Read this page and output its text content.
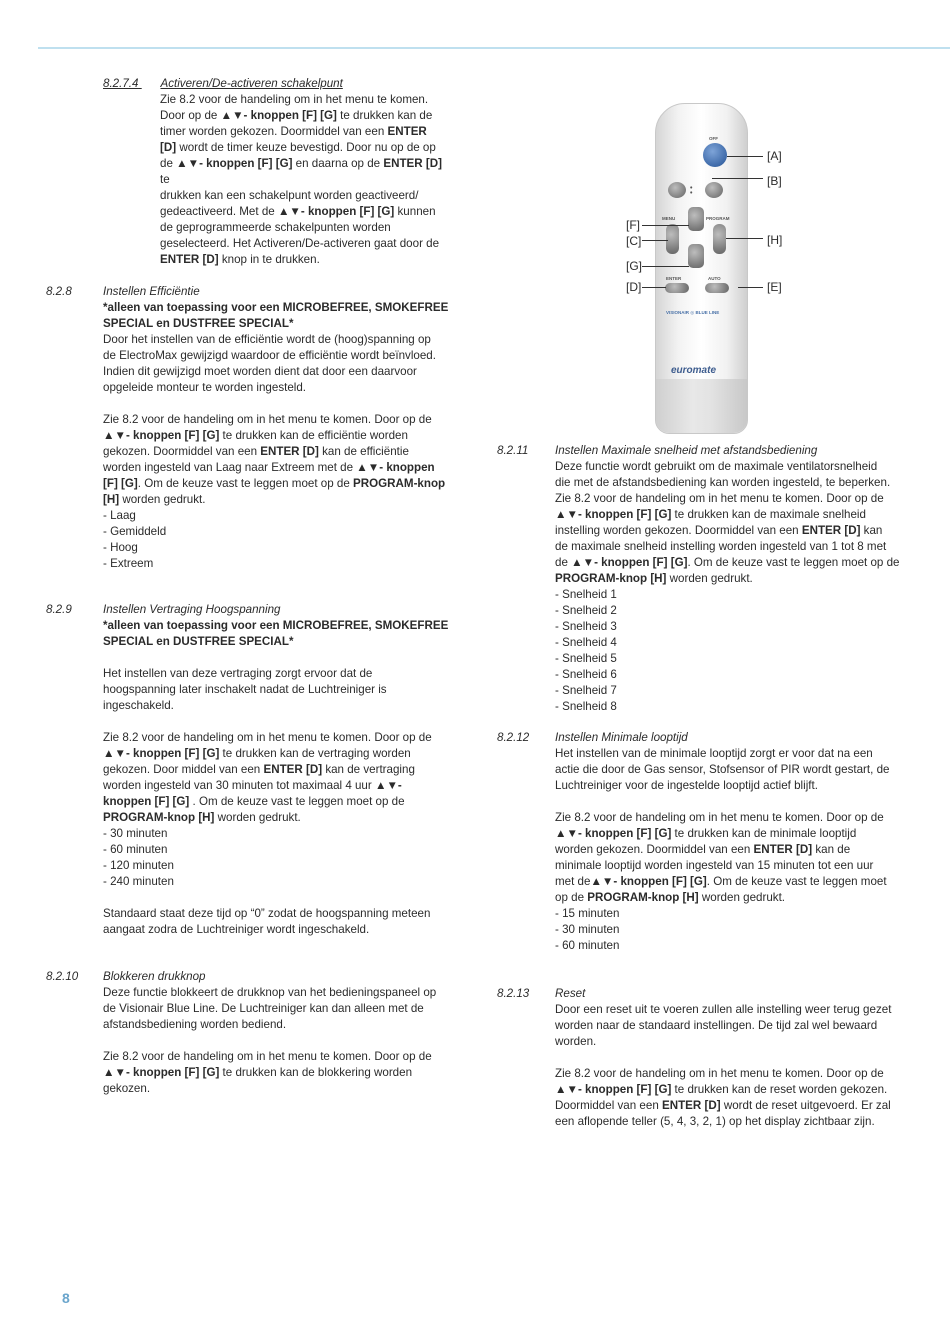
8.2.7.4 Activeren/De-activeren schakelpunt

Zie 8.2 voor de handeling om in het menu te komen.

Door op de ▲▼- knoppen [F] [G] te drukken kan de

timer worden gekozen. Doormiddel van een ENTER

[D] wordt de timer keuze bevestigd. Door nu op de op

de ▲▼- knoppen [F] [G] en daarna op de ENTER [D] te

drukken kan een schakelpunt worden geactiveerd/

gedeactiveerd. Met de ▲▼- knoppen [F] [G] kunnen

de geprogrammeerde schakelpunten worden

geselecteerd. Het Activeren/De-activeren gaat door de

ENTER [D] knop in te drukken.

8.2.8	Instellen Efficiëntie

*alleen van toepassing voor een MICROBEFREE, SMOKEFREE

SPECIAL en DUSTFREE SPECIAL*

Door het instellen van de efficiëntie wordt de (hoog)spanning op

de ElectroMax gewijzigd waardoor de efficiëntie wordt beïnvloed.

Indien dit gewijzigd moet worden dient dat door een daarvoor

opgeleide monteur te worden ingesteld.

Zie 8.2 voor de handeling om in het menu te komen. Door op de

▲▼- knoppen [F] [G] te drukken kan de efficiëntie worden

gekozen. Doormiddel van een ENTER [D] kan de efficiëntie

worden ingesteld van Laag naar Extreem met de ▲▼- knoppen

[F] [G]. Om de keuze vast te leggen moet op de PROGRAM-knop

[H] worden gedrukt.

- Laag

- Gemiddeld

- Hoog

- Extreem

8.2.9	Instellen Vertraging Hoogspanning

*alleen van toepassing voor een MICROBEFREE, SMOKEFREE

SPECIAL en DUSTFREE SPECIAL*

Het instellen van deze vertraging zorgt ervoor dat de

hoogspanning later inschakelt nadat de Luchtreiniger is

ingeschakeld.

Zie 8.2 voor de handeling om in het menu te komen. Door op de

▲▼- knoppen [F] [G] te drukken kan de vertraging worden

gekozen. Door middel van een ENTER [D] kan de vertraging

worden ingesteld van 30 minuten tot maximaal 4 uur ▲▼-

knoppen [F] [G] . Om de keuze vast te leggen moet op de

PROGRAM-knop [H] worden gedrukt.

- 30 minuten

- 60 minuten

- 120 minuten

- 240 minuten

Standaard staat deze tijd op “0” zodat de hoogspanning meteen

aangaat zodra de Luchtreiniger wordt ingeschakeld.

8.2.10 Blokkeren drukknop

Deze functie blokkeert de drukknop van het bedieningspaneel op

de Visionair Blue Line. De Luchtreiniger kan dan alleen met de

afstandsbediening worden bediend.

Zie 8.2 voor de handeling om in het menu te komen. Door op de

▲▼- knoppen [F] [G] te drukken kan de blokkering worden

gekozen.

8.2.11 Instellen Maximale snelheid met afstandsbediening

Deze functie wordt gebruikt om de maximale ventilatorsnelheid

die met de afstandsbediening kan worden ingesteld, te beperken.

Zie 8.2 voor de handeling om in het menu te komen. Door op de

▲▼- knoppen [F] [G] te drukken kan de maximale snelheid

instelling worden gekozen. Doormiddel van een ENTER [D] kan

de maximale snelheid instelling worden ingesteld van 1 tot 8 met

de ▲▼- knoppen [F] [G]. Om de keuze vast te leggen moet op de

PROGRAM-knop [H] worden gedrukt.

- Snelheid 1

- Snelheid 2

- Snelheid 3

- Snelheid 4

- Snelheid 5

- Snelheid 6

- Snelheid 7

- Snelheid 8

8.2.12 Instellen Minimale looptijd

Het instellen van de minimale looptijd zorgt er voor dat na een

actie die door de Gas sensor, Stofsensor of PIR wordt gestart, de

Luchtreiniger voor de ingestelde looptijd actief blijft.

Zie 8.2 voor de handeling om in het menu te komen. Door op de

▲▼- knoppen [F] [G] te drukken kan de minimale looptijd

worden gekozen. Doormiddel van een ENTER [D] kan de

minimale looptijd worden ingesteld van 15 minuten tot een uur

met de▲▼- knoppen [F] [G]. Om de keuze vast te leggen moet

op de PROGRAM-knop [H] worden gedrukt.

- 15 minuten

- 30 minuten

- 60 minuten

8.2.13 Reset

Door een reset uit te voeren zullen alle instelling weer terug gezet

worden naar de standaard instellingen. De tijd zal wel bewaard

worden.

Zie 8.2 voor de handeling om in het menu te komen. Door op de

▲▼- knoppen [F] [G] te drukken kan de reset worden gekozen.

Doormiddel van een ENTER [D] wordt de reset uitgevoerd. Er zal

een aflopende teller (5, 4, 3, 2, 1) op het display zichtbaar zijn.

OFF
•
•
MENU	PROGRAM
ENTER	AUTO
VISIONAIR ◎ BLUE LINE
euromate
[A]
[B]
[H]
[E]
[F]
[C]
[G]
[D]
8
